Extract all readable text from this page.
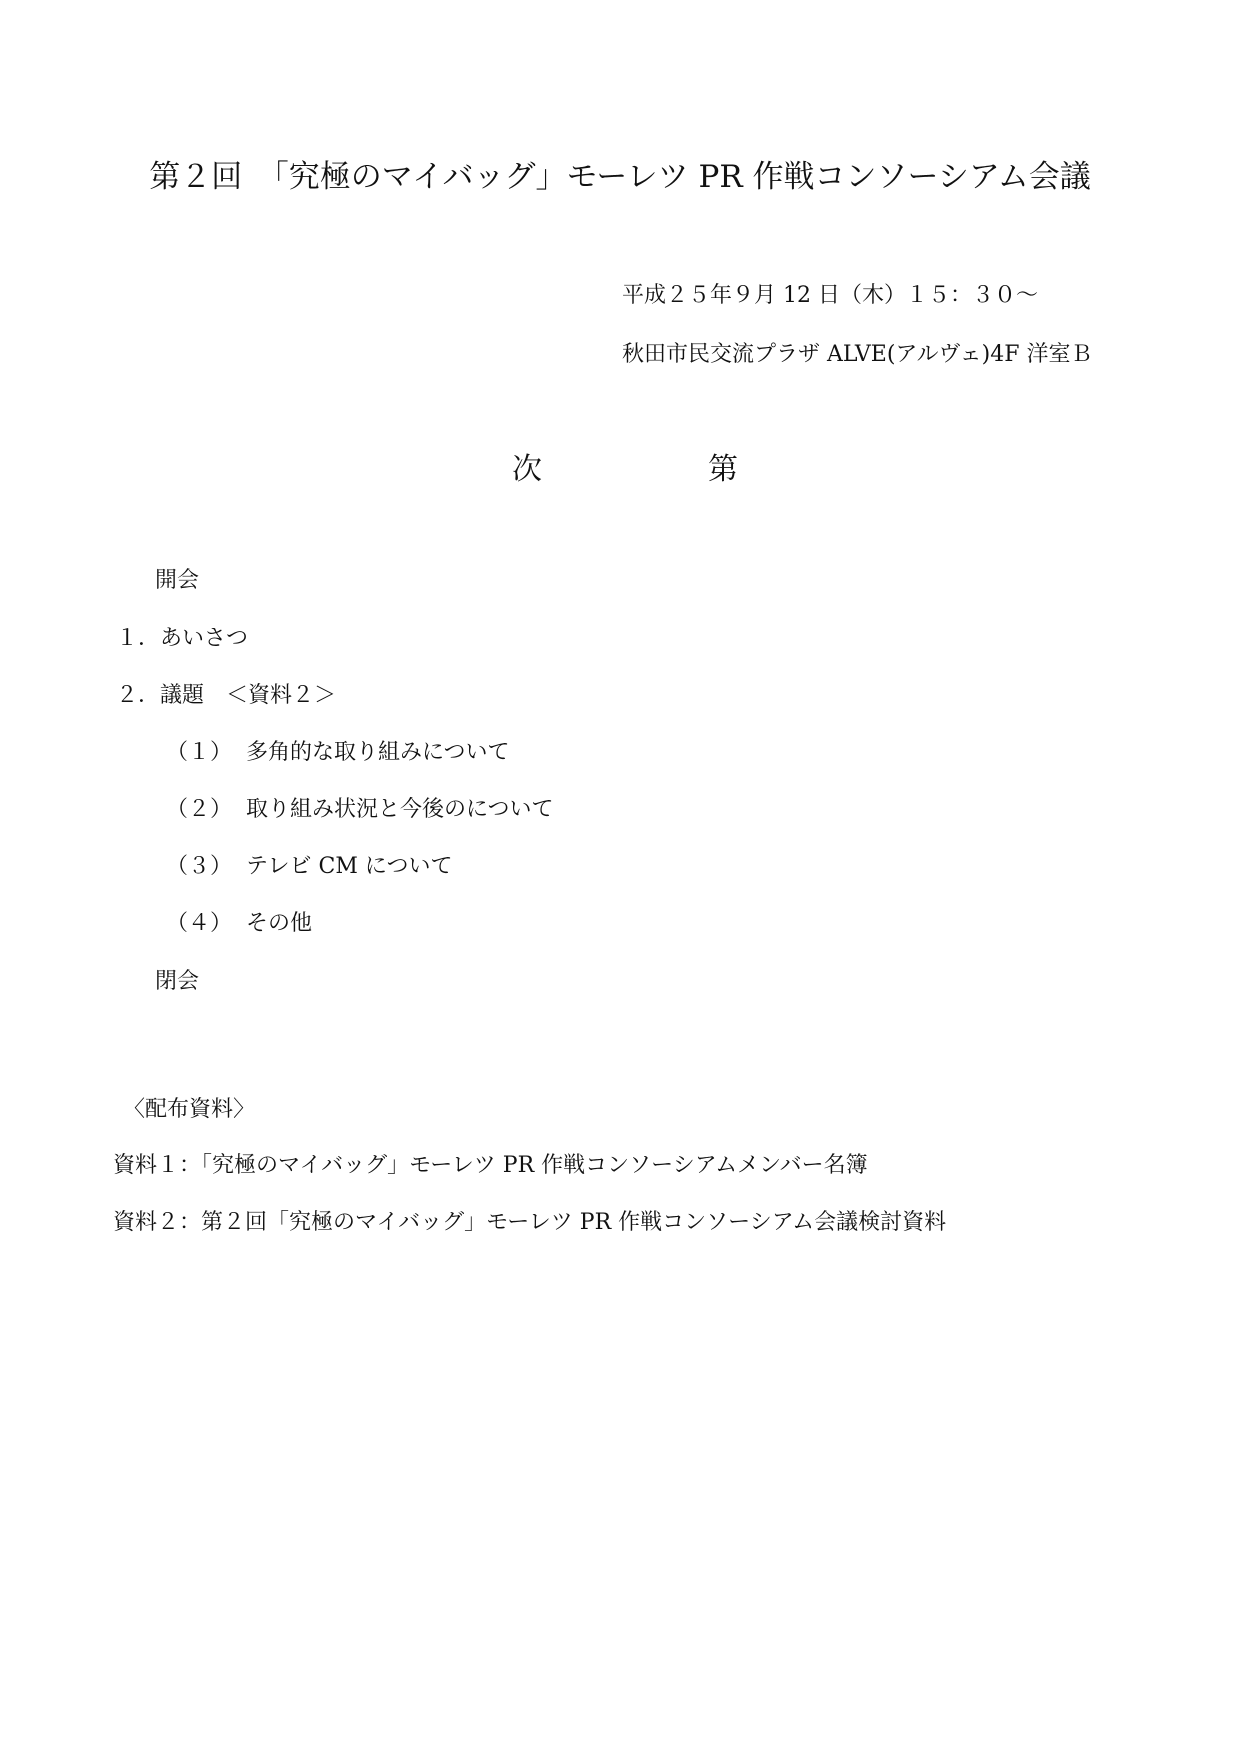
第２回　「究極のマイバッグ」モーレツ PR 作戦コンソーシアム会議
平成２５年９月 12 日（木）１５：３０～
秋田市民交流プラザ ALVE(アルヴェ)4F 洋室Ｂ
次	第
開会
１．あいさつ
２．議題　＜資料２＞
（１） 多角的な取り組みについて
（２） 取り組み状況と今後のについて
（３） テレビ CM について
（４） その他
閉会
〈配布資料〉
資料１：「究極のマイバッグ」モーレツ PR 作戦コンソーシアムメンバー名簿
資料２：第２回「究極のマイバッグ」モーレツ PR 作戦コンソーシアム会議検討資料
